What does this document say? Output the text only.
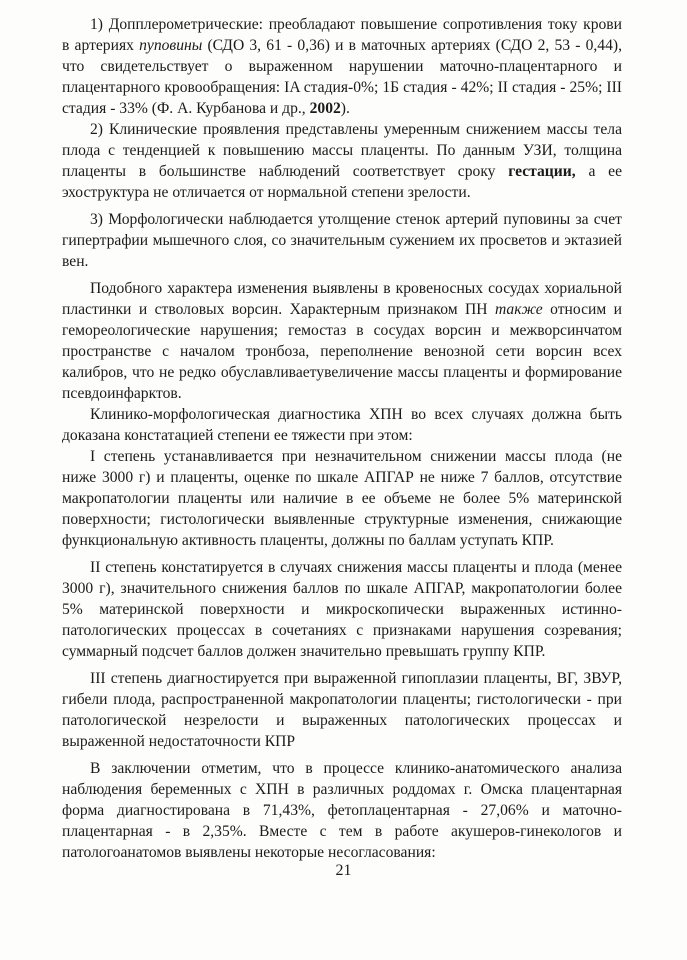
1) Допплерометрические: преобладают повышение сопротивления току крови в артериях пуповины (СДО 3, 61 - 0,36) и в маточных артериях (СДО 2, 53 - 0,44), что свидетельствует о выраженном нарушении маточно-плацентарного и плацентарного кровообращения: IA стадия-0%; 1Б стадия - 42%; II стадия - 25%; III стадия - 33% (Ф. А. Курбанова и др., 2002).

2) Клинические проявления представлены умеренным снижением массы тела плода с тенденцией к повышению массы плаценты. По данным УЗИ, толщина плаценты в большинстве наблюдений соответствует сроку гестации, а ее эхоструктура не отличается от нормальной степени зрелости.

3) Морфологически наблюдается утолщение стенок артерий пуповины за счет гипертрафии мышечного слоя, со значительным сужением их просветов и эктазией вен.

Подобного характера изменения выявлены в кровеносных сосудах хориальной пластинки и стволовых ворсин. Характерным признаком ПН также относим и гемореологические нарушения; гемостаз в сосудах ворсин и межворсинчатом пространстве с началом тронбоза, переполнение венозной сети ворсин всех калибров, что не редко обуславливаетувеличение массы плаценты и формирование псевдоинфарктов.

Клинико-морфологическая диагностика ХПН во всех случаях должна быть доказана констатацией степени ее тяжести при этом:

I степень устанавливается при незначительном снижении массы плода (не ниже 3000 г) и плаценты, оценке по шкале АПГАР не ниже 7 баллов, отсутствие макропатологии плаценты или наличие в ее объеме не более 5% материнской поверхности; гистологически выявленные структурные изменения, снижающие функциональную активность плаценты, должны по баллам уступать КПР.

II степень констатируется в случаях снижения массы плаценты и плода (менее 3000 г), значительного снижения баллов по шкале АПГАР, макропатологии более 5% материнской поверхности и микроскопически выраженных истинно-патологических процессах в сочетаниях с признаками нарушения созревания; суммарный подсчет баллов должен значительно превышать группу КПР.

III степень диагностируется при выраженной гипоплазии плаценты, ВГ, ЗВУР, гибели плода, распространенной макропатологии плаценты; гистологически - при патологической незрелости и выраженных патологических процессах и выраженной недостаточности КПР

В заключении отметим, что в процессе клинико-анатомического анализа наблюдения беременных с ХПН в различных роддомах г. Омска плацентарная форма диагностирована в 71,43%, фетоплацентарная - 27,06% и маточно-плацентарная - в 2,35%. Вместе с тем в работе акушеров-гинекологов и патологоанатомов выявлены некоторые несогласования:

21
